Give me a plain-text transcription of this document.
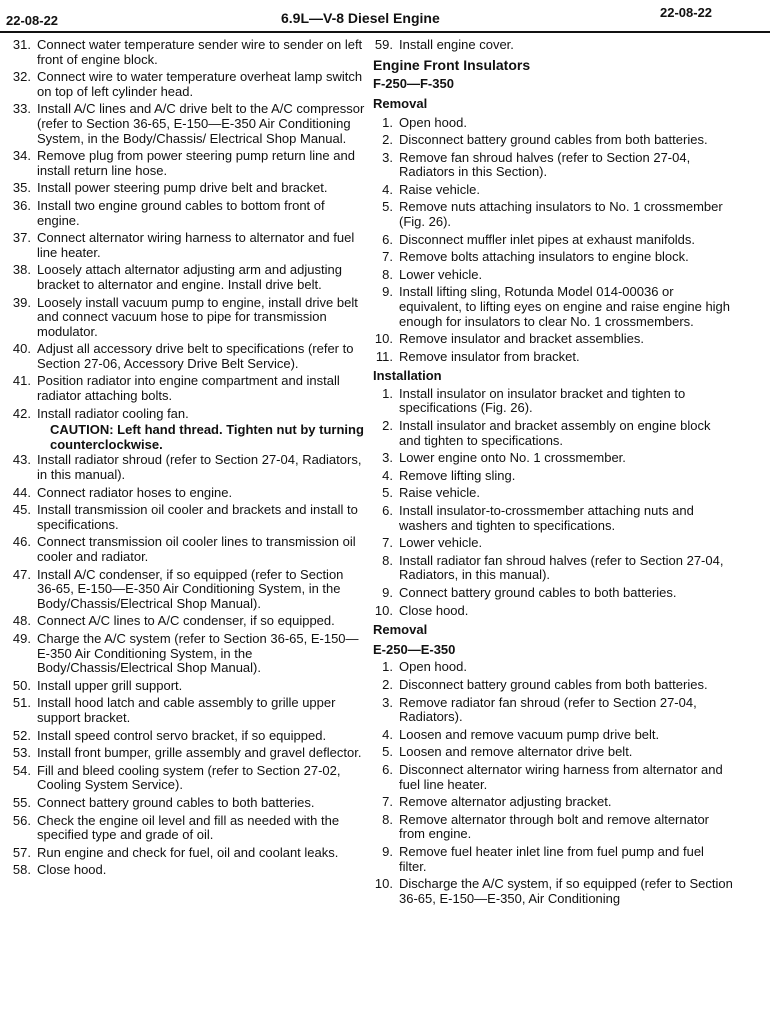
22-08-22	6.9L—V-8 Diesel Engine	22-08-22
31. Connect water temperature sender wire to sender on left front of engine block.
32. Connect wire to water temperature overheat lamp switch on top of left cylinder head.
33. Install A/C lines and A/C drive belt to the A/C compressor (refer to Section 36-65, E-150—E-350 Air Conditioning System, in the Body/Chassis/ Electrical Shop Manual.
34. Remove plug from power steering pump return line and install return line hose.
35. Install power steering pump drive belt and bracket.
36. Install two engine ground cables to bottom front of engine.
37. Connect alternator wiring harness to alternator and fuel line heater.
38. Loosely attach alternator adjusting arm and adjusting bracket to alternator and engine. Install drive belt.
39. Loosely install vacuum pump to engine, install drive belt and connect vacuum hose to pipe for transmission modulator.
40. Adjust all accessory drive belt to specifications (refer to Section 27-06, Accessory Drive Belt Service).
41. Position radiator into engine compartment and install radiator attaching bolts.
42. Install radiator cooling fan.
CAUTION: Left hand thread. Tighten nut by turning counterclockwise.
43. Install radiator shroud (refer to Section 27-04, Radiators, in this manual).
44. Connect radiator hoses to engine.
45. Install transmission oil cooler and brackets and install to specifications.
46. Connect transmission oil cooler lines to transmission oil cooler and radiator.
47. Install A/C condenser, if so equipped (refer to Section 36-65, E-150—E-350 Air Conditioning System, in the Body/Chassis/Electrical Shop Manual).
48. Connect A/C lines to A/C condenser, if so equipped.
49. Charge the A/C system (refer to Section 36-65, E-150—E-350 Air Conditioning System, in the Body/Chassis/Electrical Shop Manual).
50. Install upper grill support.
51. Install hood latch and cable assembly to grille upper support bracket.
52. Install speed control servo bracket, if so equipped.
53. Install front bumper, grille assembly and gravel deflector.
54. Fill and bleed cooling system (refer to Section 27-02, Cooling System Service).
55. Connect battery ground cables to both batteries.
56. Check the engine oil level and fill as needed with the specified type and grade of oil.
57. Run engine and check for fuel, oil and coolant leaks.
58. Close hood.
59. Install engine cover.
Engine Front Insulators
F-250—F-350
Removal
1. Open hood.
2. Disconnect battery ground cables from both batteries.
3. Remove fan shroud halves (refer to Section 27-04, Radiators in this Section).
4. Raise vehicle.
5. Remove nuts attaching insulators to No. 1 crossmember (Fig. 26).
6. Disconnect muffler inlet pipes at exhaust manifolds.
7. Remove bolts attaching insulators to engine block.
8. Lower vehicle.
9. Install lifting sling, Rotunda Model 014-00036 or equivalent, to lifting eyes on engine and raise engine high enough for insulators to clear No. 1 crossmembers.
10. Remove insulator and bracket assemblies.
11. Remove insulator from bracket.
Installation
1. Install insulator on insulator bracket and tighten to specifications (Fig. 26).
2. Install insulator and bracket assembly on engine block and tighten to specifications.
3. Lower engine onto No. 1 crossmember.
4. Remove lifting sling.
5. Raise vehicle.
6. Install insulator-to-crossmember attaching nuts and washers and tighten to specifications.
7. Lower vehicle.
8. Install radiator fan shroud halves (refer to Section 27-04, Radiators, in this manual).
9. Connect battery ground cables to both batteries.
10. Close hood.
Removal
E-250—E-350
1. Open hood.
2. Disconnect battery ground cables from both batteries.
3. Remove radiator fan shroud (refer to Section 27-04, Radiators).
4. Loosen and remove vacuum pump drive belt.
5. Loosen and remove alternator drive belt.
6. Disconnect alternator wiring harness from alternator and fuel line heater.
7. Remove alternator adjusting bracket.
8. Remove alternator through bolt and remove alternator from engine.
9. Remove fuel heater inlet line from fuel pump and fuel filter.
10. Discharge the A/C system, if so equipped (refer to Section 36-65, E-150—E-350, Air Conditioning
